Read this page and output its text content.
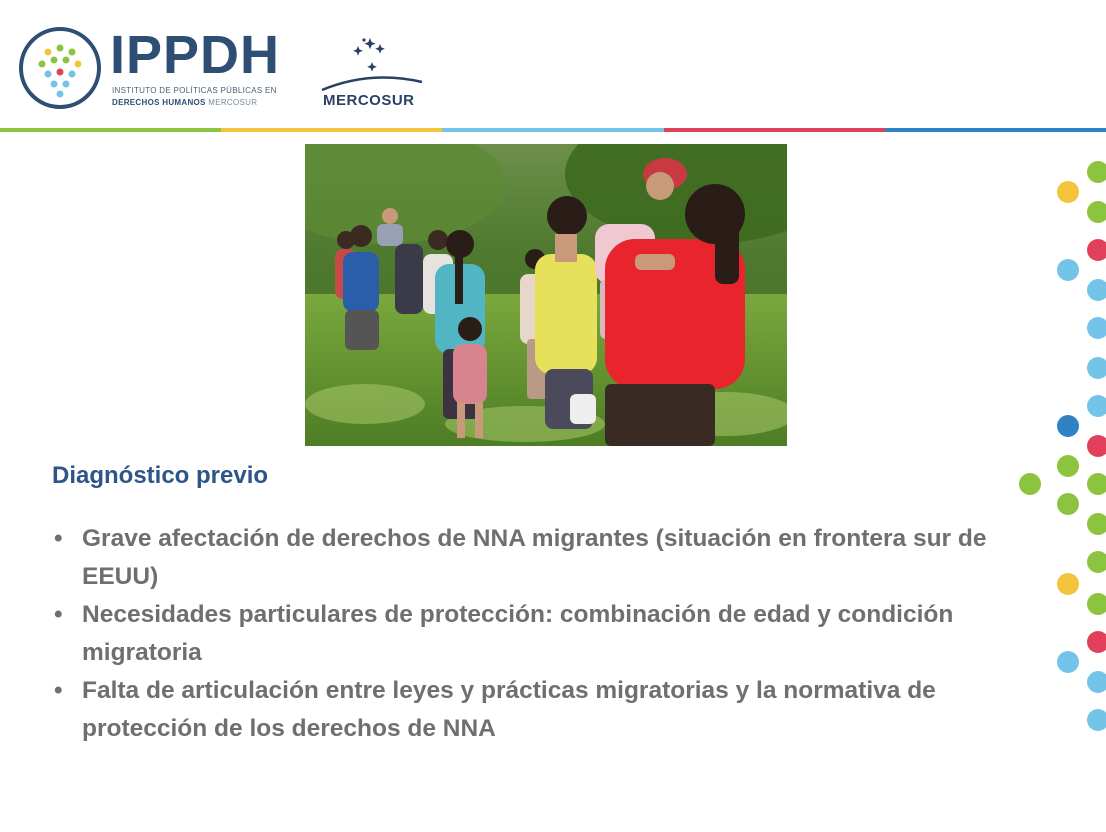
IPPDH
INSTITUTO DE POLÍTICAS PÚBLICAS EN
DERECHOS HUMANOS MERCOSUR	MERCOSUR
Diagnóstico previo
• Grave afectación de derechos de NNA migrantes (situación en frontera sur de EEUU)
• Necesidades particulares de protección: combinación de edad y condición migratoria
• Falta de articulación entre leyes y prácticas migratorias y la normativa de protección de los derechos de NNA
